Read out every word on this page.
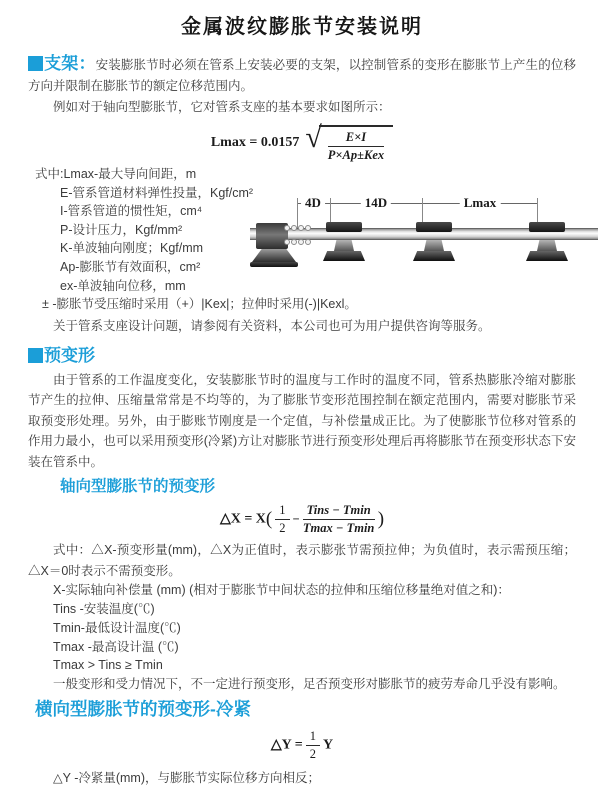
金属波纹膨胀节安装说明

支架：安装膨胀节时必须在管系上安装必要的支架，以控制管系的变形在膨胀节上产生的位移方向并限制在膨胀节的额定位移范围内。

例如对于轴向型膨胀节，它对管系支座的基本要求如图所示：

Lmax = 0.0157 √ $\frac{E\times I}{\text{P×Ap±Kex}}$
式中:Lmax-最大导向间距，m
E-管系管道材料弹性投量，Kgf/cm²
I-管系管道的惯性矩，cm⁴
P-设计压力，Kgf/mm²
K-单波轴向刚度；Kgf/mm
Ap-膨胀节有效面积，cm²
ex-单波轴向位移，mm
± -膨胀节受压缩时采用（+）|Kex|；拉伸时采用(-)|Kexl。

关于管系支座设计问题，请参阅有关资料，本公司也可为用户提供咨询等服务。

4D	14D	Lmax
预变形

由于管系的工作温度变化，安装膨胀节时的温度与工作时的温度不同，管系热膨胀冷缩对膨胀节产生的拉伸、压缩量常常是不均等的，为了膨胀节变形范围控制在额定范围内，需要对膨胀节采取预变形处理。另外，由于膨账节刚度是一个定值，与补偿量成正比。为了使膨胀节位移对管系的作用力最小，也可以采用预变形(冷紧)方让对膨胀节进行预变形处理后再将膨胀节在预变形状态下安装在管系中。

轴向型膨胀节的预变形
△X = $X( \frac{1}{2} - \frac{\text{Tins − Tmin}}{Tmax - Tmin}$ )

式中：△X-预变形量(mm)，△X为正值时，表示膨张节需预拉伸；为负值时，表示需预压缩；△X＝0时表示不需预变形。

X-实际轴向补偿量 (mm) (相对于膨胀节中间状态的拉伸和压缩位移量绝对值之和)：
Tins -安装温度(℃)
Tmin-最低设计温度(℃)
Tmax -最高设计温 (℃)
Tmax > Tins ≥ Tmin
一般变形和受力情况下，不一定进行预变形，足否预变形对膨胀节的疲劳寿命几乎没有影响。
横向型膨胀节的预变形-冷紧
△Y = $\frac{1}{2}$ Y

△Y -冷紧量(mm)，与膨胀节实际位移方向相反；
